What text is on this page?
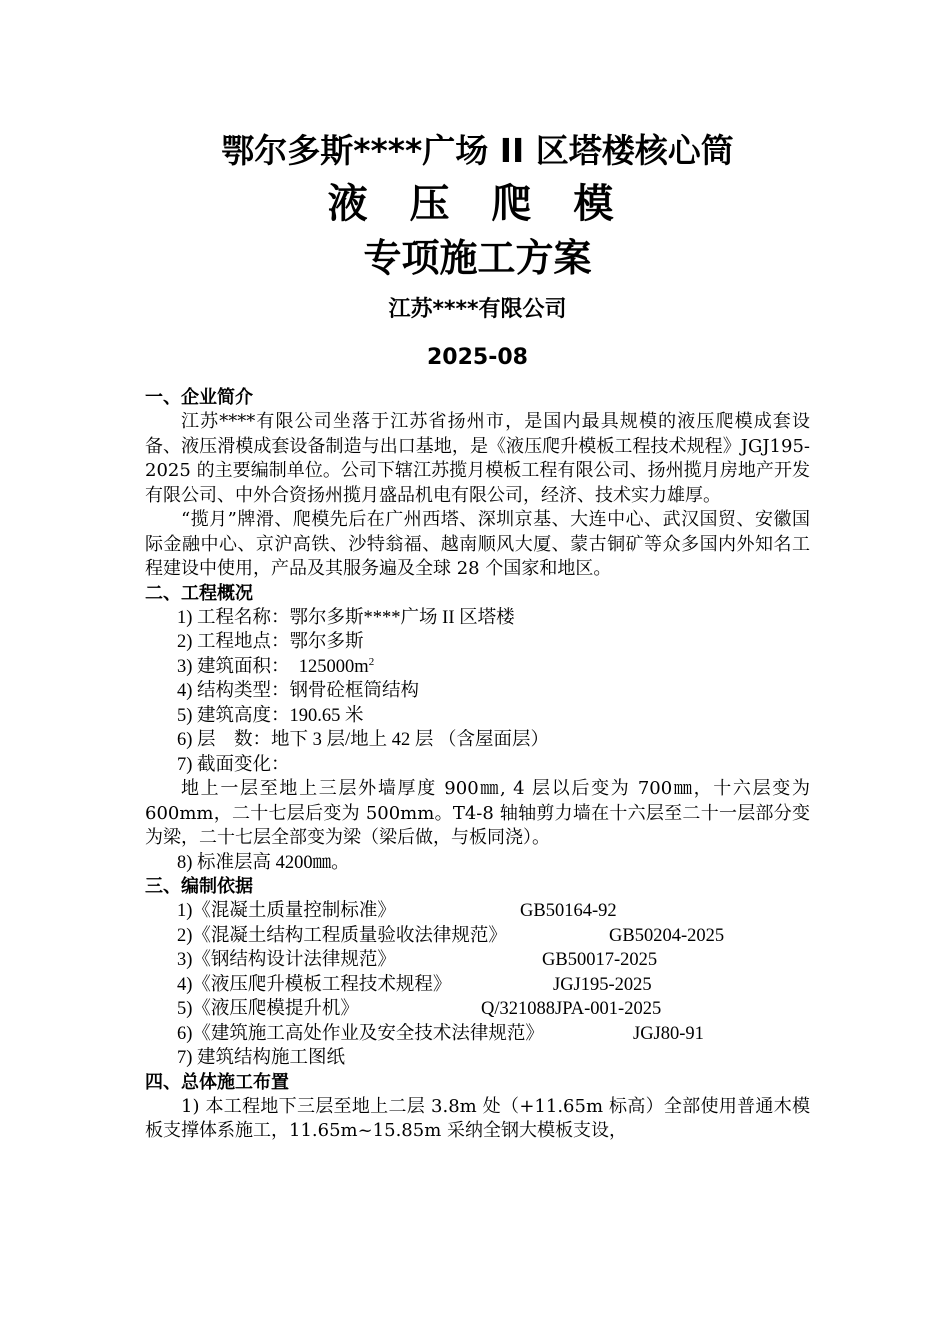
鄂尔多斯****广场 II 区塔楼核心筒
液 压 爬 模
专项施工方案
江苏****有限公司
2025-08
一、企业简介

江苏****有限公司坐落于江苏省扬州市，是国内最具规模的液压爬模成套设备、液压滑模成套设备制造与出口基地，是《液压爬升模板工程技术规程》JGJ195-2025 的主要编制单位。公司下辖江苏揽月模板工程有限公司、扬州揽月房地产开发有限公司、中外合资扬州揽月盛品机电有限公司，经济、技术实力雄厚。

“揽月”牌滑、爬模先后在广州西塔、深圳京基、大连中心、武汉国贸、安徽国际金融中心、京沪高铁、沙特翁福、越南顺风大厦、蒙古铜矿等众多国内外知名工程建设中使用，产品及其服务遍及全球 28 个国家和地区。

二、工程概况
1) 工程名称：鄂尔多斯****广场 II 区塔楼
2) 工程地点：鄂尔多斯
3) 建筑面积：  $125000m^2$
4) 结构类型：钢骨砼框筒结构
5) 建筑高度：190.65 米
6) 层    数：地下 3 层/地上 42 层 （含屋面层）
7) 截面变化：

地上一层至地上三层外墙厚度 900㎜, 4 层以后变为 700㎜，十六层变为 600mm，二十七层后变为 500mm。T4-8 轴轴剪力墙在十六层至二十一层部分变为梁，二十七层全部变为梁（梁后做，与板同浇）。

8) 标准层高 4200㎜。
三、编制依据
1)《混凝土质量控制标准》	GB50164-92
2)《混凝土结构工程质量验收法律规范》	GB50204-2025
3)《钢结构设计法律规范》	GB50017-2025
4)《液压爬升模板工程技术规程》	JGJ195-2025
5)《液压爬模提升机》	Q/321088JPA-001-2025
6)《建筑施工高处作业及安全技术法律规范》	JGJ80-91
7) 建筑结构施工图纸
四、总体施工布置

1) 本工程地下三层至地上二层 3.8m 处（+11.65m 标高）全部使用普通木模板支撑体系施工，11.65m~15.85m 采纳全钢大模板支设，
